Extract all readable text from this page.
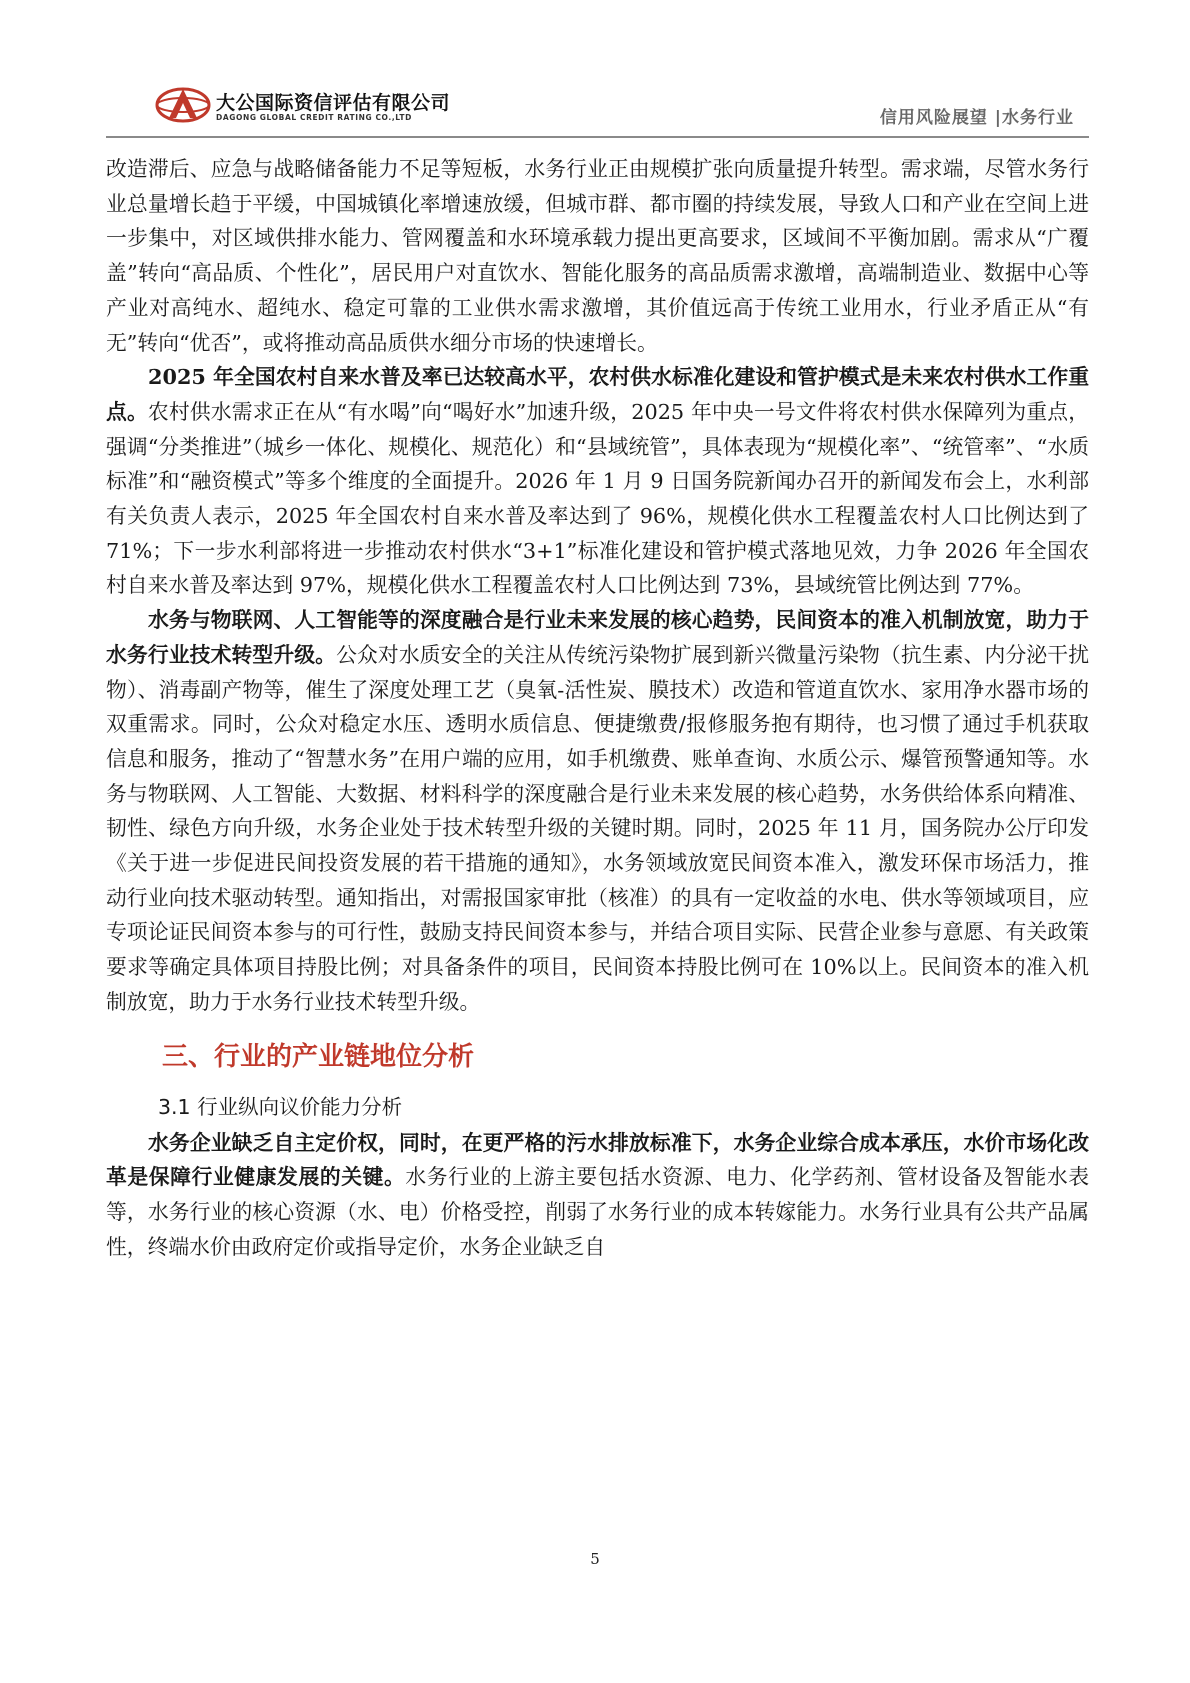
大公国际资信评估有限公司
DAGONG GLOBAL CREDIT RATING CO.,LTD	信用风险展望 |水务行业

改造滞后、应急与战略储备能力不足等短板，水务行业正由规模扩张向质量提升转型。需求端，尽管水务行业总量增长趋于平缓，中国城镇化率增速放缓，但城市群、都市圈的持续发展，导致人口和产业在空间上进一步集中，对区域供排水能力、管网覆盖和水环境承载力提出更高要求，区域间不平衡加剧。需求从“广覆盖”转向“高品质、个性化”，居民用户对直饮水、智能化服务的高品质需求激增，高端制造业、数据中心等产业对高纯水、超纯水、稳定可靠的工业供水需求激增，其价值远高于传统工业用水，行业矛盾正从“有无”转向“优否”，或将推动高品质供水细分市场的快速增长。

2025 年全国农村自来水普及率已达较高水平，农村供水标准化建设和管护模式是未来农村供水工作重点。农村供水需求正在从“有水喝”向“喝好水”加速升级，2025 年中央一号文件将农村供水保障列为重点，强调“分类推进”（城乡一体化、规模化、规范化）和“县域统管”，具体表现为“规模化率”、“统管率”、“水质标准”和“融资模式”等多个维度的全面提升。2026 年 1 月 9 日国务院新闻办召开的新闻发布会上，水利部有关负责人表示，2025 年全国农村自来水普及率达到了 96%，规模化供水工程覆盖农村人口比例达到了 71%；下一步水利部将进一步推动农村供水“3+1”标准化建设和管护模式落地见效，力争 2026 年全国农村自来水普及率达到 97%，规模化供水工程覆盖农村人口比例达到 73%，县域统管比例达到 77%。

水务与物联网、人工智能等的深度融合是行业未来发展的核心趋势，民间资本的准入机制放宽，助力于水务行业技术转型升级。公众对水质安全的关注从传统污染物扩展到新兴微量污染物（抗生素、内分泌干扰物）、消毒副产物等，催生了深度处理工艺（臭氧-活性炭、膜技术）改造和管道直饮水、家用净水器市场的双重需求。同时，公众对稳定水压、透明水质信息、便捷缴费/报修服务抱有期待，也习惯了通过手机获取信息和服务，推动了“智慧水务”在用户端的应用，如手机缴费、账单查询、水质公示、爆管预警通知等。水务与物联网、人工智能、大数据、材料科学的深度融合是行业未来发展的核心趋势，水务供给体系向精准、韧性、绿色方向升级，水务企业处于技术转型升级的关键时期。同时，2025 年 11 月，国务院办公厅印发《关于进一步促进民间投资发展的若干措施的通知》，水务领域放宽民间资本准入，激发环保市场活力，推动行业向技术驱动转型。通知指出，对需报国家审批（核准）的具有一定收益的水电、供水等领域项目，应专项论证民间资本参与的可行性，鼓励支持民间资本参与，并结合项目实际、民营企业参与意愿、有关政策要求等确定具体项目持股比例；对具备条件的项目，民间资本持股比例可在 10%以上。民间资本的准入机制放宽，助力于水务行业技术转型升级。

三、行业的产业链地位分析
3.1 行业纵向议价能力分析

水务企业缺乏自主定价权，同时，在更严格的污水排放标准下，水务企业综合成本承压，水价市场化改革是保障行业健康发展的关键。水务行业的上游主要包括水资源、电力、化学药剂、管材设备及智能水表等，水务行业的核心资源（水、电）价格受控，削弱了水务行业的成本转嫁能力。水务行业具有公共产品属性，终端水价由政府定价或指导定价，水务企业缺乏自

5
